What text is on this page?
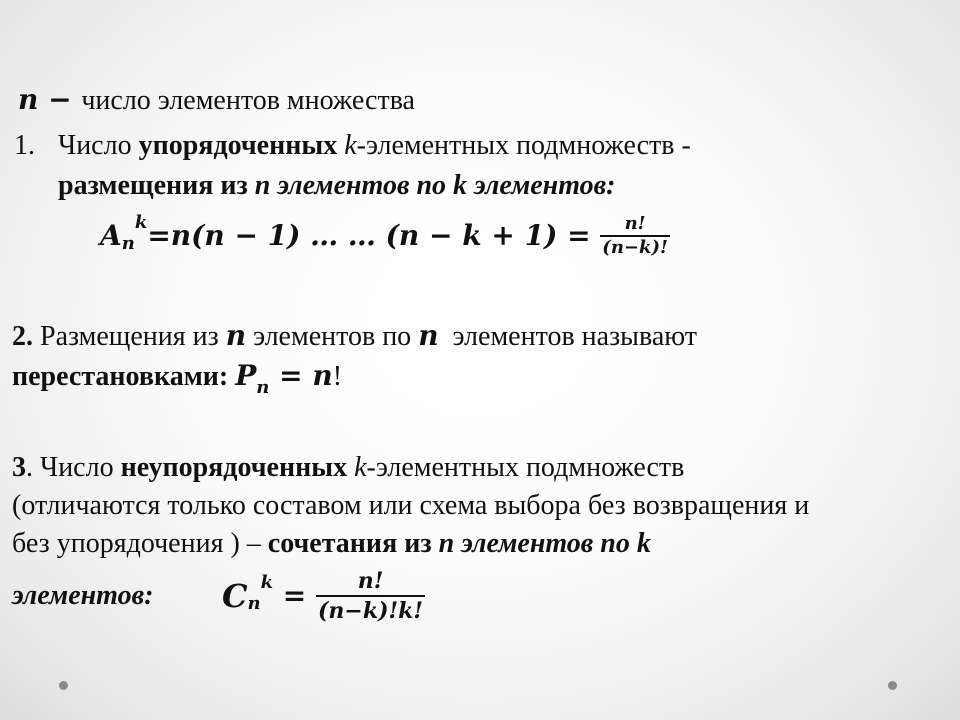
n − число элементов множества
1. Число упорядоченных k-элементных подмножеств -
размещения из n элементов по k элементов:
A n
k = n(n − 1) … … $(n - k + 1) = \frac{n!}{(n-k)!}$
2. Размещения из n элементов по n  элементов называют
перестановками: $P_n = n$!
3. Число неупорядоченных k-элементных подмножеств
(отличаются только составом или схема выбора без возвращения и
без упорядочения ) – сочетания из n элементов по k
элементов: C n
$k = \frac{n!}{(n-k)!k!}$
